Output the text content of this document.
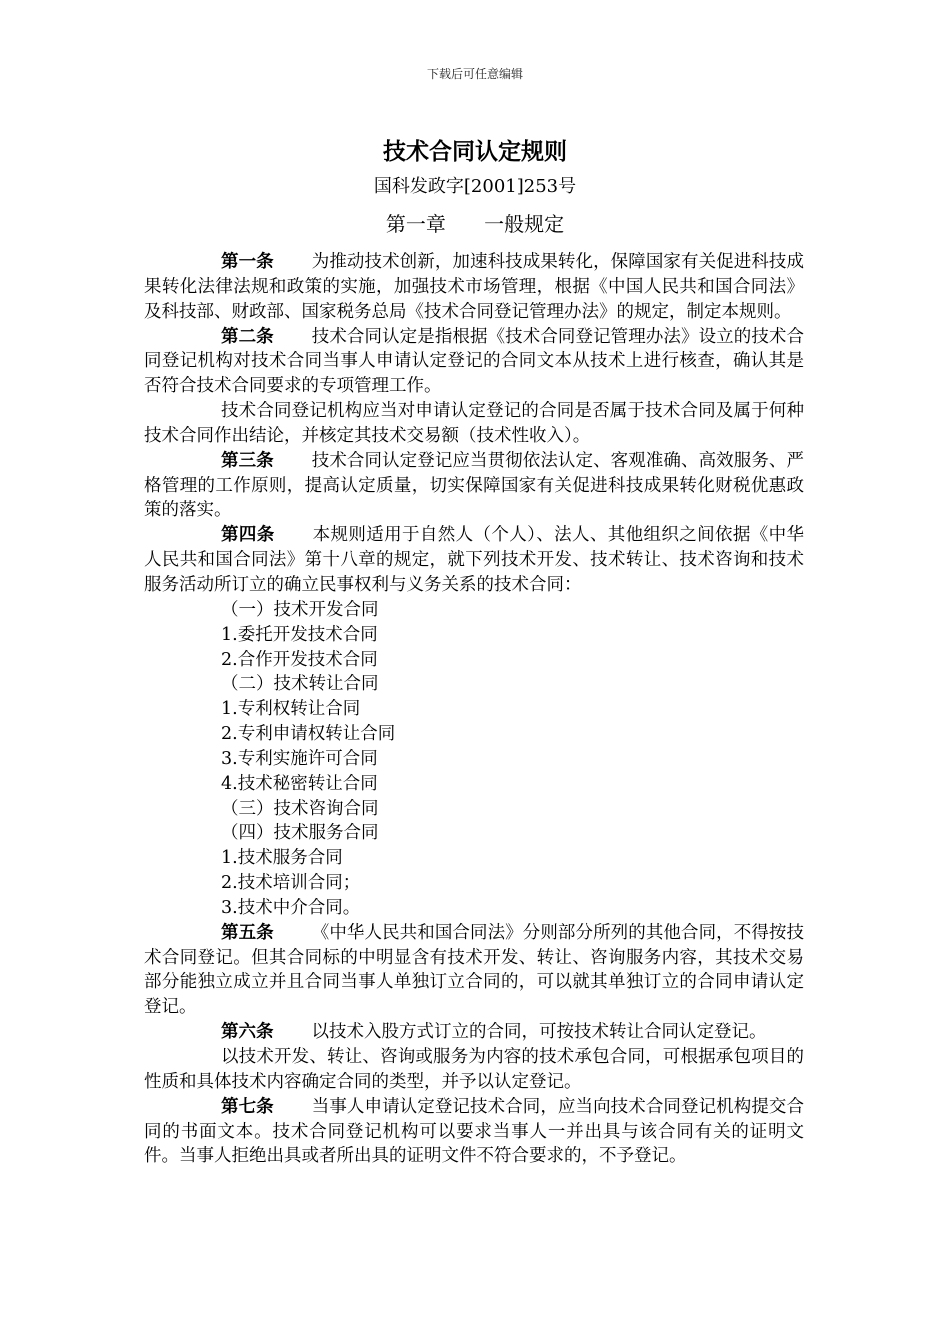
下载后可任意编辑
技术合同认定规则
国科发政字[2001]253号
第一章 一般规定

第一条 为推动技术创新，加速科技成果转化，保障国家有关促进科技成果转化法律法规和政策的实施，加强技术市场管理，根据《中国人民共和国合同法》及科技部、财政部、国家税务总局《技术合同登记管理办法》的规定，制定本规则。

第二条 技术合同认定是指根据《技术合同登记管理办法》设立的技术合同登记机构对技术合同当事人申请认定登记的合同文本从技术上进行核查，确认其是否符合技术合同要求的专项管理工作。

技术合同登记机构应当对申请认定登记的合同是否属于技术合同及属于何种技术合同作出结论，并核定其技术交易额（技术性收入）。

第三条 技术合同认定登记应当贯彻依法认定、客观准确、高效服务、严格管理的工作原则，提高认定质量，切实保障国家有关促进科技成果转化财税优惠政策的落实。

第四条 本规则适用于自然人（个人）、法人、其他组织之间依据《中华人民共和国合同法》第十八章的规定，就下列技术开发、技术转让、技术咨询和技术服务活动所订立的确立民事权利与义务关系的技术合同：

（一）技术开发合同

1.委托开发技术合同

2.合作开发技术合同

（二）技术转让合同

1.专利权转让合同

2.专利申请权转让合同

3.专利实施许可合同

4.技术秘密转让合同

（三）技术咨询合同

（四）技术服务合同

1.技术服务合同

2.技术培训合同；

3.技术中介合同。

第五条 《中华人民共和国合同法》分则部分所列的其他合同，不得按技术合同登记。但其合同标的中明显含有技术开发、转让、咨询服务内容，其技术交易部分能独立成立并且合同当事人单独订立合同的，可以就其单独订立的合同申请认定登记。

第六条 以技术入股方式订立的合同，可按技术转让合同认定登记。

以技术开发、转让、咨询或服务为内容的技术承包合同，可根据承包项目的性质和具体技术内容确定合同的类型，并予以认定登记。

第七条 当事人申请认定登记技术合同，应当向技术合同登记机构提交合同的书面文本。技术合同登记机构可以要求当事人一并出具与该合同有关的证明文件。当事人拒绝出具或者所出具的证明文件不符合要求的，不予登记。
